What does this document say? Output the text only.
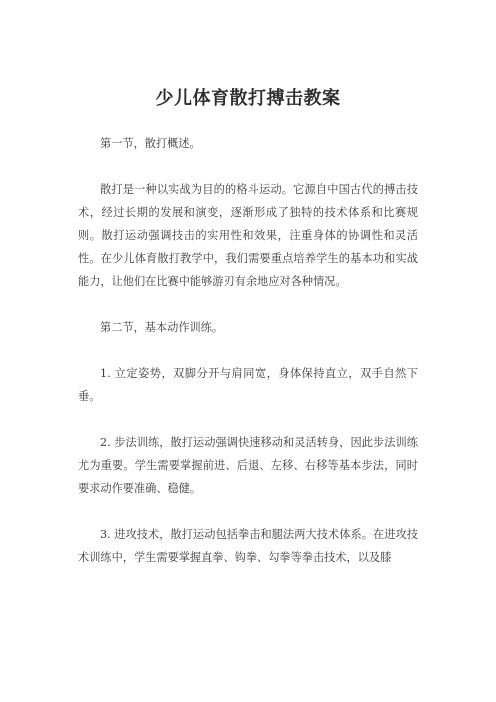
少儿体育散打搏击教案

第一节，散打概述。

散打是一种以实战为目的的格斗运动。它源自中国古代的搏击技术，经过长期的发展和演变，逐渐形成了独特的技术体系和比赛规则。散打运动强调技击的实用性和效果，注重身体的协调性和灵活性。在少儿体育散打教学中，我们需要重点培养学生的基本功和实战能力，让他们在比赛中能够游刃有余地应对各种情况。

第二节，基本动作训练。

1. 立定姿势，双脚分开与肩同宽，身体保持直立，双手自然下垂。

2. 步法训练，散打运动强调快速移动和灵活转身，因此步法训练尤为重要。学生需要掌握前进、后退、左移、右移等基本步法，同时要求动作要准确、稳健。

3. 进攻技术，散打运动包括拳击和腿法两大技术体系。在进攻技术训练中，学生需要掌握直拳、钩拳、勾拳等拳击技术，以及膝
